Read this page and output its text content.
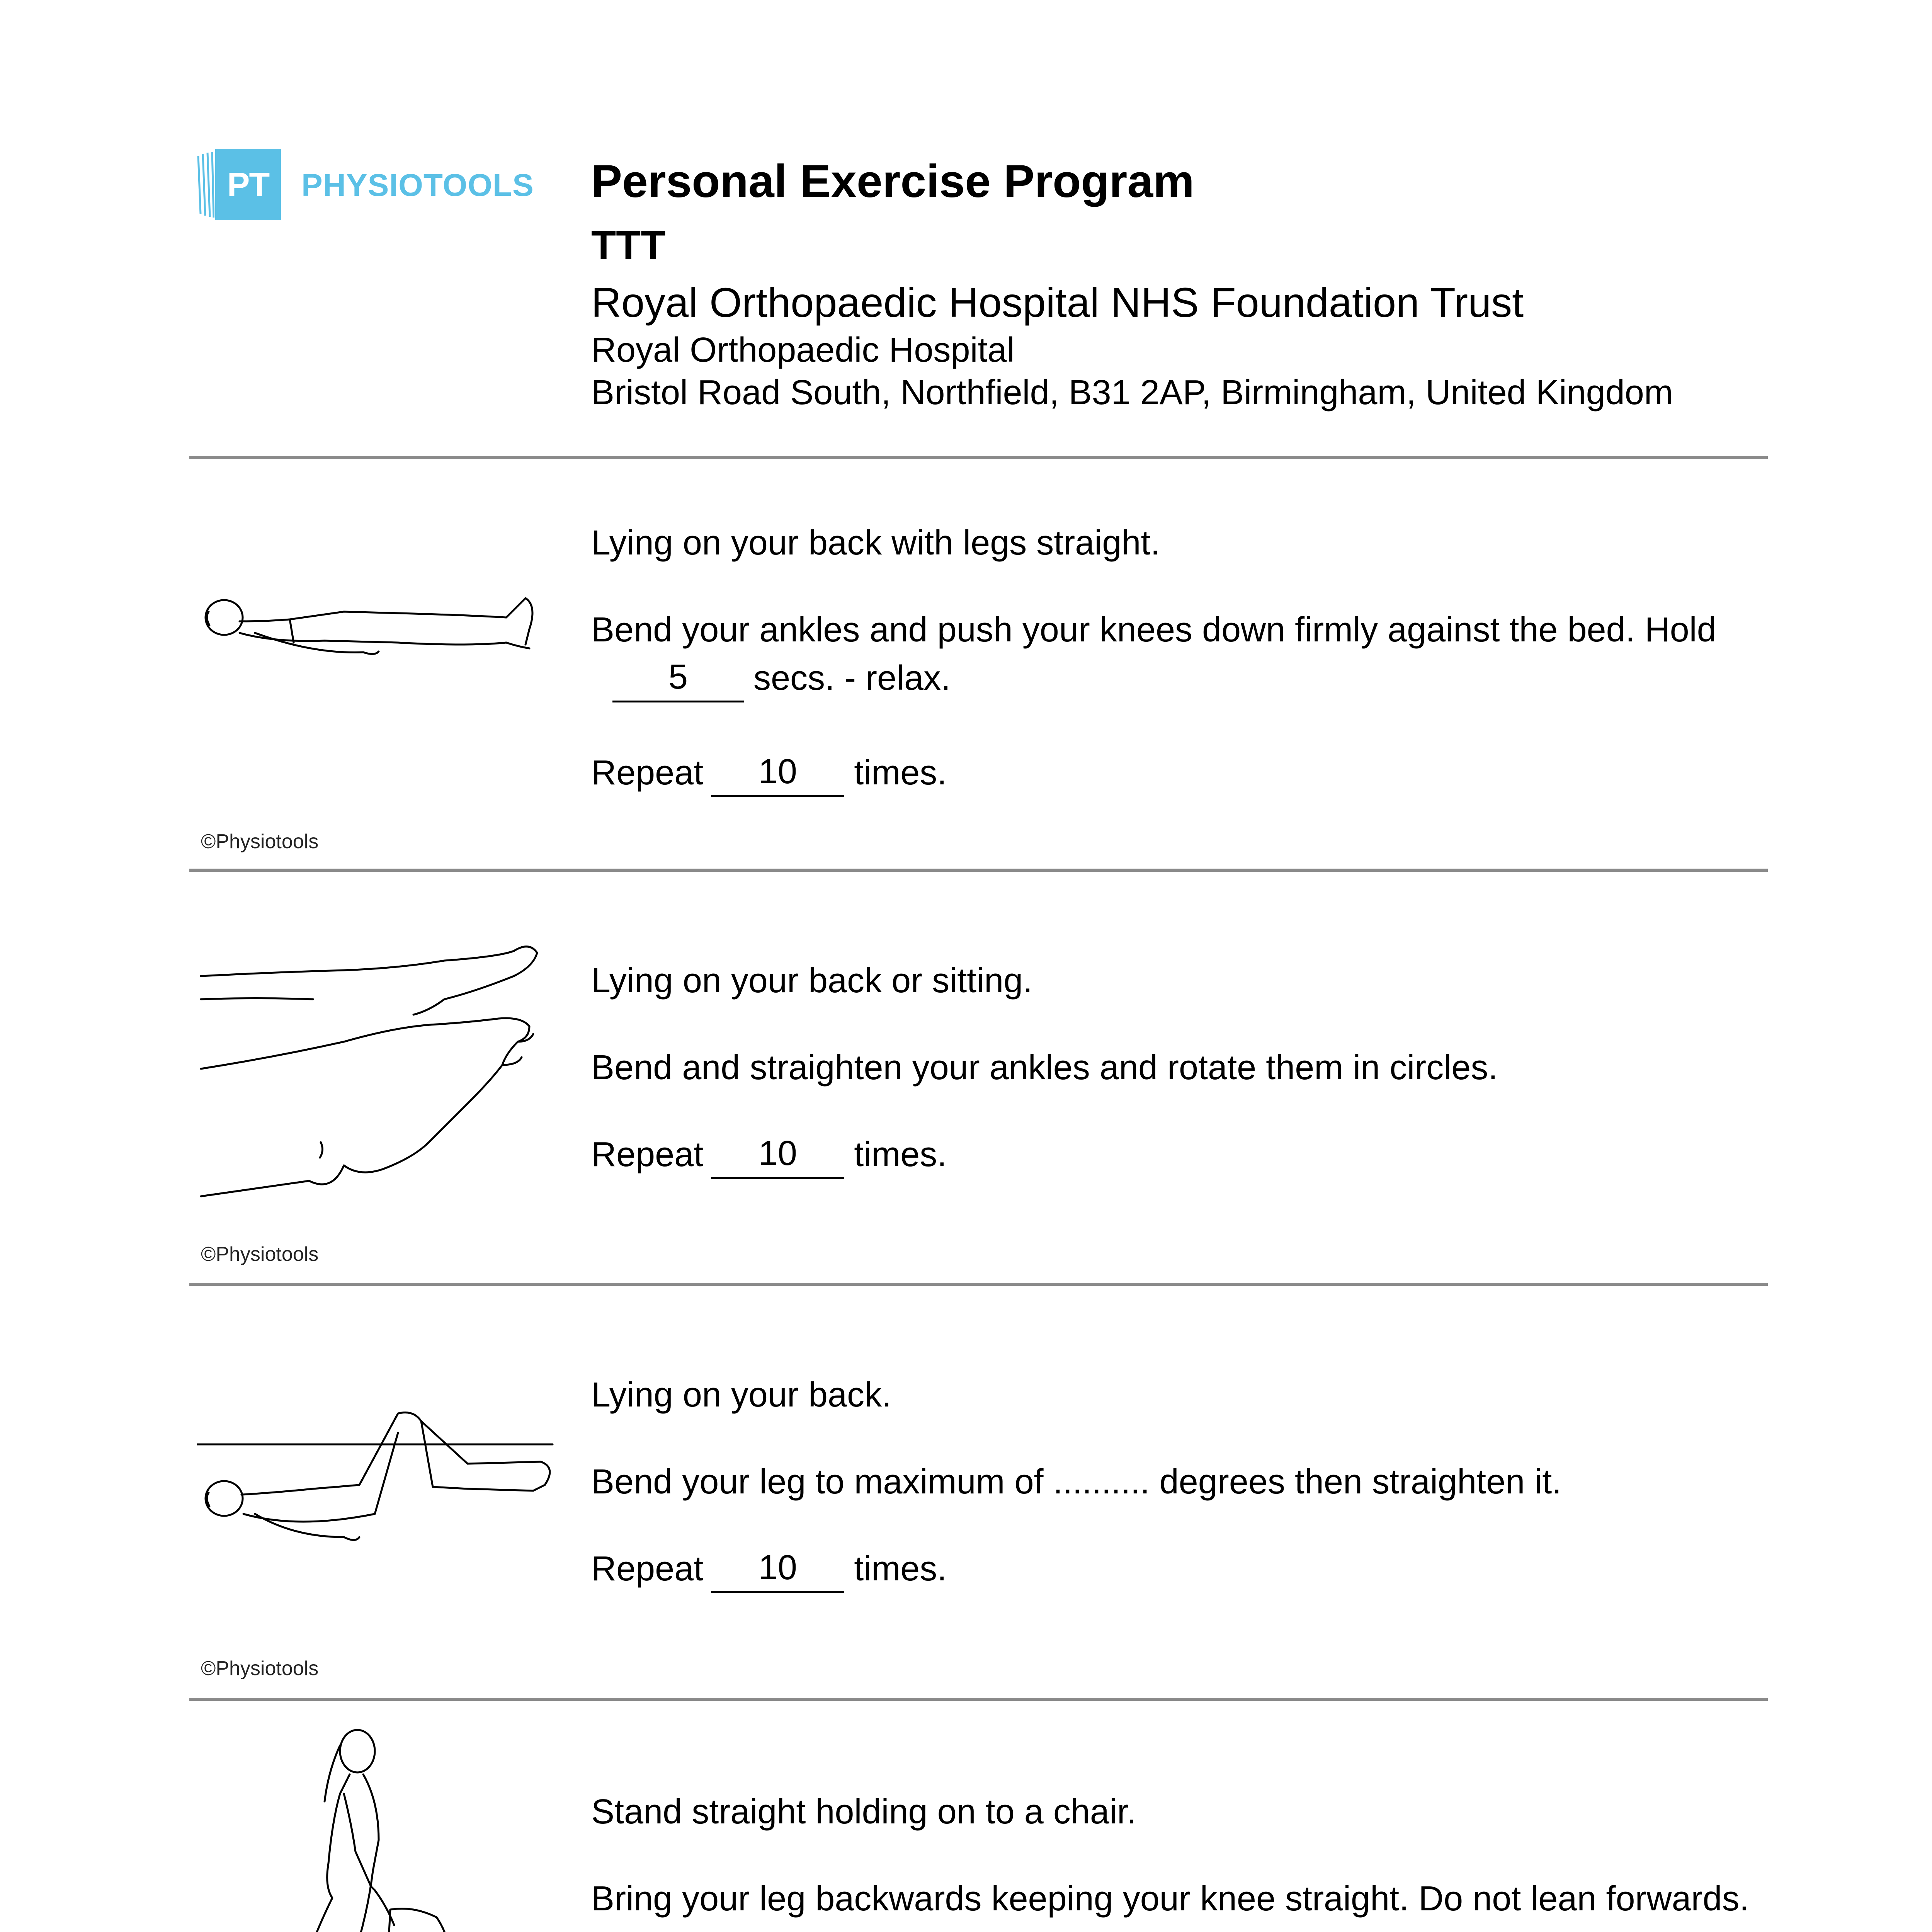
PT	PHYSIOTOOLS Personal Exercise Program
TTT
Royal Orthopaedic Hospital NHS Foundation Trust
Royal Orthopaedic Hospital
Bristol Road South, Northfield, B31 2AP, Birmingham, United Kingdom
©Physiotools

Lying on your back with legs straight.

Bend your ankles and push your knees down firmly against the bed. Hold
5 secs. - relax.

Repeat 10 times.

©Physiotools

Lying on your back or sitting.

Bend and straighten your ankles and rotate them in circles.

Repeat 10 times.

©Physiotools

Lying on your back.

Bend your leg to maximum of .......... degrees then straighten it.

Repeat 10 times.

Stand straight holding on to a chair.

Bring your leg backwards keeping your knee straight. Do not lean forwards.
